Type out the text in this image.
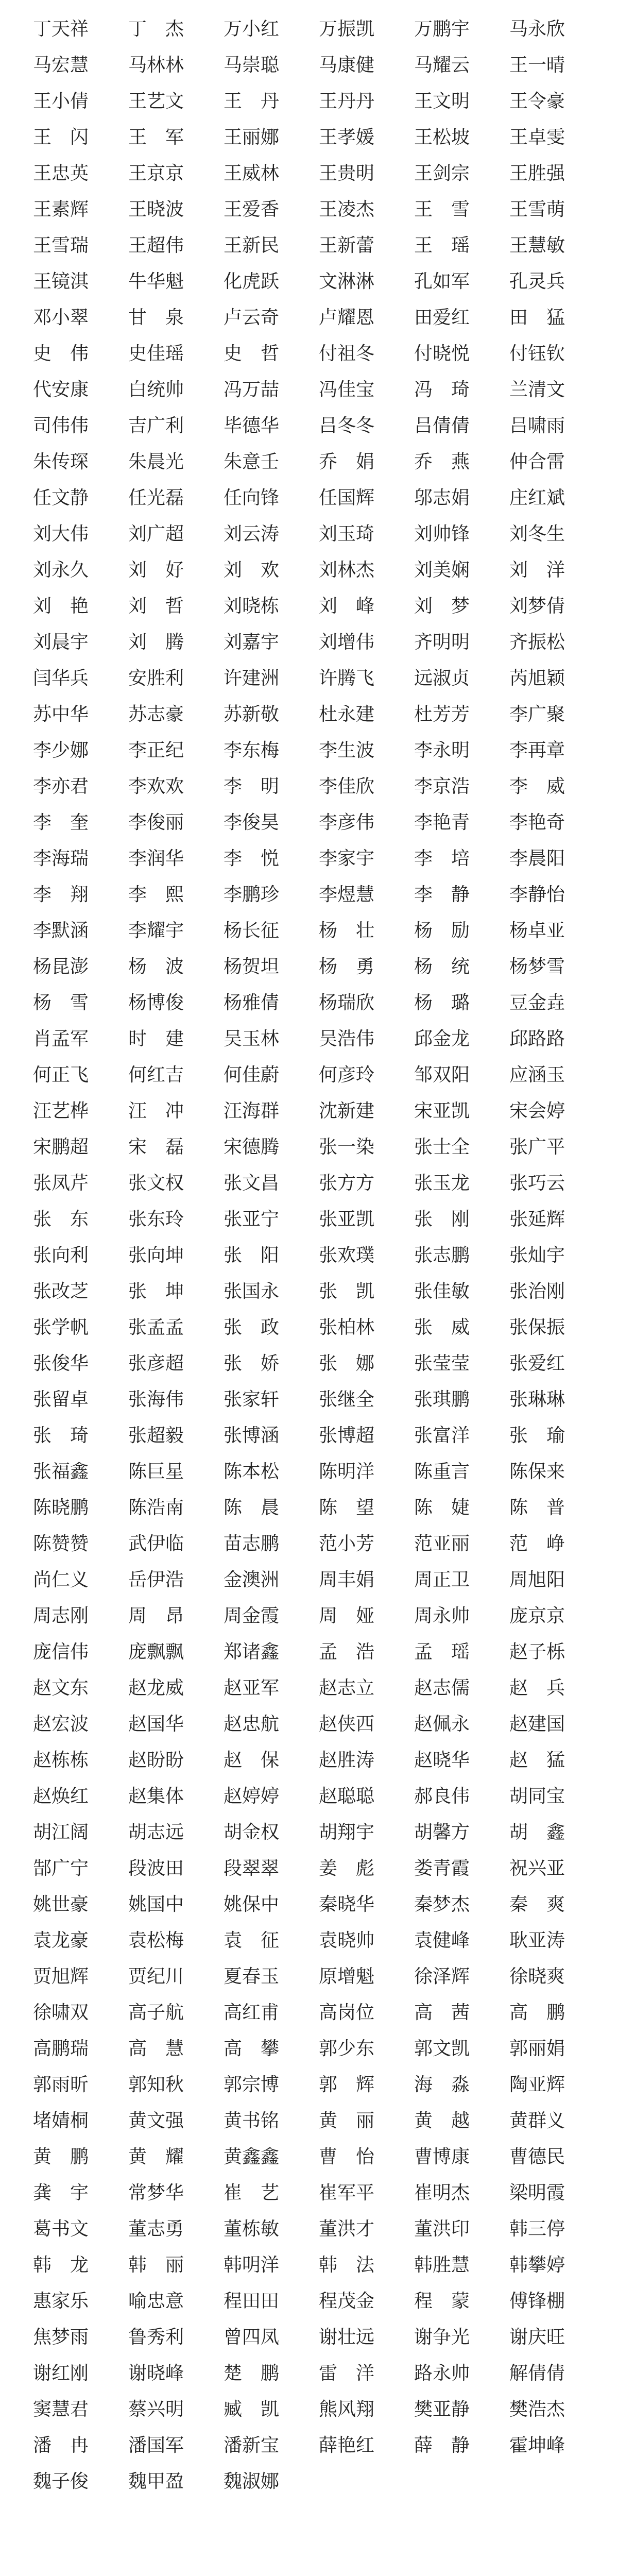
丁天祥	丁　杰	万小红	万振凯	万鹏宇	马永欣
马宏慧	马林林	马崇聪	马康健	马耀云	王一晴
王小倩	王艺文	王　丹	王丹丹	王文明	王令豪
王　闪	王　军	王丽娜	王孝媛	王松坡	王卓雯
王忠英	王京京	王威林	王贵明	王剑宗	王胜强
王素辉	王晓波	王爱香	王凌杰	王　雪	王雪萌
王雪瑞	王超伟	王新民	王新蕾	王　瑶	王慧敏
王镜淇	牛华魁	化虎跃	文淋淋	孔如军	孔灵兵
邓小翠	甘　泉	卢云奇	卢耀恩	田爱红	田　猛
史　伟	史佳瑶	史　哲	付祖冬	付晓悦	付钰钦
代安康	白统帅	冯万喆	冯佳宝	冯　琦	兰清文
司伟伟	吉广利	毕德华	吕冬冬	吕倩倩	吕啸雨
朱传琛	朱晨光	朱意壬	乔　娟	乔　燕	仲合雷
任文静	任光磊	任向锋	任国辉	邬志娟	庄红斌
刘大伟	刘广超	刘云涛	刘玉琦	刘帅锋	刘冬生
刘永久	刘　好	刘　欢	刘林杰	刘美娴	刘　洋
刘　艳	刘　哲	刘晓栋	刘　峰	刘　梦	刘梦倩
刘晨宇	刘　腾	刘嘉宇	刘增伟	齐明明	齐振松
闫华兵	安胜利	许建洲	许腾飞	远淑贞	芮旭颖
苏中华	苏志豪	苏新敬	杜永建	杜芳芳	李广聚
李少娜	李正纪	李东梅	李生波	李永明	李再章
李亦君	李欢欢	李　明	李佳欣	李京浩	李　威
李　奎	李俊丽	李俊昊	李彦伟	李艳青	李艳奇
李海瑞	李润华	李　悦	李家宇	李　培	李晨阳
李　翔	李　熙	李鹏珍	李煜慧	李　静	李静怡
李默涵	李耀宇	杨长征	杨　壮	杨　励	杨卓亚
杨昆澎	杨　波	杨贺坦	杨　勇	杨　统	杨梦雪
杨　雪	杨博俊	杨雅倩	杨瑞欣	杨　璐	豆金垚
肖孟军	时　建	吴玉林	吴浩伟	邱金龙	邱路路
何正飞	何红吉	何佳蔚	何彦玲	邹双阳	应涵玉
汪艺桦	汪　冲	汪海群	沈新建	宋亚凯	宋会婷
宋鹏超	宋　磊	宋德腾	张一染	张士全	张广平
张凤芹	张文权	张文昌	张方方	张玉龙	张巧云
张　东	张东玲	张亚宁	张亚凯	张　刚	张延辉
张向利	张向坤	张　阳	张欢璞	张志鹏	张灿宇
张改芝	张　坤	张国永	张　凯	张佳敏	张治刚
张学帆	张孟孟	张　政	张柏林	张　威	张保振
张俊华	张彦超	张　娇	张　娜	张莹莹	张爱红
张留卓	张海伟	张家轩	张继全	张琪鹏	张琳琳
张　琦	张超毅	张博涵	张博超	张富洋	张　瑜
张福鑫	陈巨星	陈本松	陈明洋	陈重言	陈保来
陈晓鹏	陈浩南	陈　晨	陈　望	陈　婕	陈　普
陈赞赞	武伊临	苗志鹏	范小芳	范亚丽	范　峥
尚仁义	岳伊浩	金澳洲	周丰娟	周正卫	周旭阳
周志刚	周　昂	周金霞	周　娅	周永帅	庞京京
庞信伟	庞飘飘	郑诸鑫	孟　浩	孟　瑶	赵子栎
赵文东	赵龙威	赵亚军	赵志立	赵志儒	赵　兵
赵宏波	赵国华	赵忠航	赵侠西	赵佩永	赵建国
赵栋栋	赵盼盼	赵　保	赵胜涛	赵晓华	赵　猛
赵焕红	赵集体	赵婷婷	赵聪聪	郝良伟	胡同宝
胡江阔	胡志远	胡金权	胡翔宇	胡馨方	胡　鑫
郜广宁	段波田	段翠翠	姜　彪	娄青霞	祝兴亚
姚世豪	姚国中	姚保中	秦晓华	秦梦杰	秦　爽
袁龙豪	袁松梅	袁　征	袁晓帅	袁健峰	耿亚涛
贾旭辉	贾纪川	夏春玉	原增魁	徐泽辉	徐晓爽
徐啸双	高子航	高红甫	高岗位	高　茜	高　鹏
高鹏瑞	高　慧	高　攀	郭少东	郭文凯	郭丽娟
郭雨昕	郭知秋	郭宗博	郭　辉	海　淼	陶亚辉
堵婧桐	黄文强	黄书铭	黄　丽	黄　越	黄群义
黄　鹏	黄　耀	黄鑫鑫	曹　怡	曹博康	曹德民
龚　宇	常梦华	崔　艺	崔军平	崔明杰	梁明霞
葛书文	董志勇	董栋敏	董洪才	董洪印	韩三停
韩　龙	韩　丽	韩明洋	韩　法	韩胜慧	韩攀婷
惠家乐	喻忠意	程田田	程茂金	程　蒙	傅锋棚
焦梦雨	鲁秀利	曾四凤	谢壮远	谢争光	谢庆旺
谢红刚	谢晓峰	楚　鹏	雷　洋	路永帅	解倩倩
窦慧君	蔡兴明	臧　凯	熊风翔	樊亚静	樊浩杰
潘　冉	潘国军	潘新宝	薛艳红	薛　静	霍坤峰
魏子俊	魏甲盈	魏淑娜
